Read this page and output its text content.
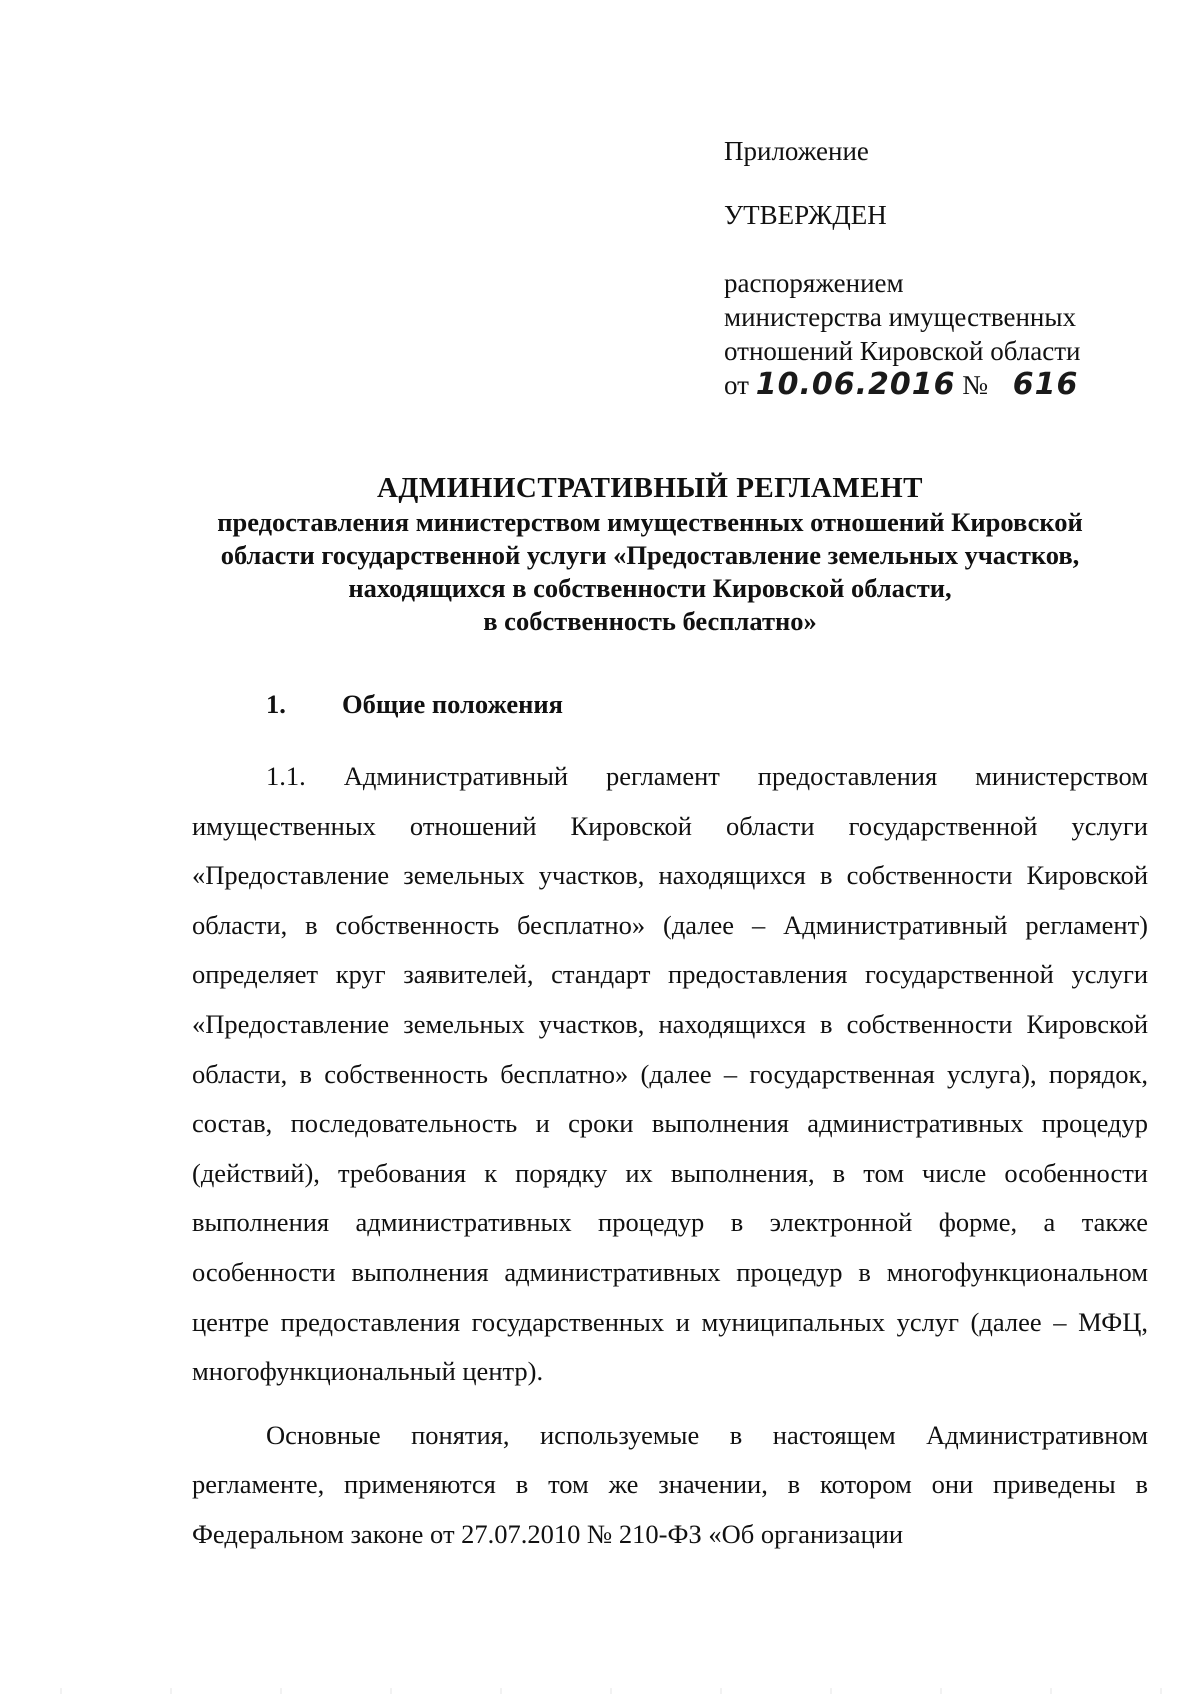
Приложение
УТВЕРЖДЕН
распоряжением
министерства имущественных
отношений Кировской области
от 10.06.2016 № 616
АДМИНИСТРАТИВНЫЙ РЕГЛАМЕНТ
предоставления министерством имущественных отношений Кировской
области государственной услуги «Предоставление земельных участков,
находящихся в собственности Кировской области,
в собственность бесплатно»
1. Общие положения

1.1. Административный регламент предоставления министерством имущественных отношений Кировской области государственной услуги «Предоставление земельных участков, находящихся в собственности Кировской области, в собственность бесплатно» (далее – Административный регламент) определяет круг заявителей, стандарт предоставления государственной услуги «Предоставление земельных участков, находящихся в собственности Кировской области, в собственность бесплатно» (далее – государственная услуга), порядок, состав, последовательность и сроки выполнения административных процедур (действий), требования к порядку их выполнения, в том числе особенности выполнения административных процедур в электронной форме, а также особенности выполнения административных процедур в многофункциональном центре предоставления государственных и муниципальных услуг (далее – МФЦ, многофункциональный центр).

Основные понятия, используемые в настоящем Административном регламенте, применяются в том же значении, в котором они приведены в Федеральном законе от 27.07.2010 № 210-ФЗ «Об организации
